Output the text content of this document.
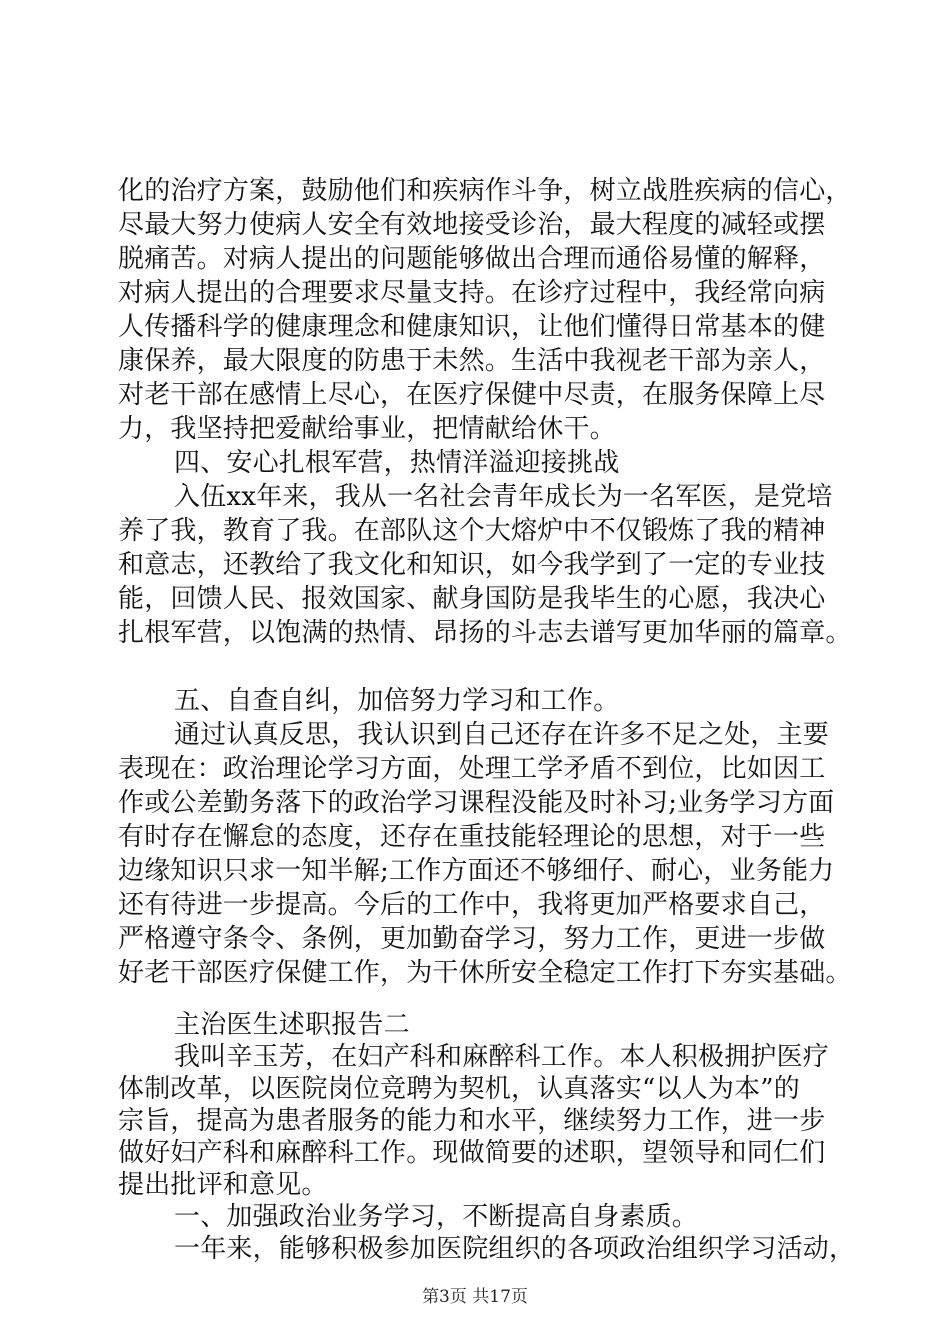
化的治疗方案，鼓励他们和疾病作斗争，树立战胜疾病的信心，
尽最大努力使病人安全有效地接受诊治，最大程度的减轻或摆
脱痛苦。对病人提出的问题能够做出合理而通俗易懂的解释，
对病人提出的合理要求尽量支持。在诊疗过程中，我经常向病
人传播科学的健康理念和健康知识，让他们懂得日常基本的健
康保养，最大限度的防患于未然。生活中我视老干部为亲人，
对老干部在感情上尽心，在医疗保健中尽责，在服务保障上尽
力，我坚持把爱献给事业，把情献给休干。
四、安心扎根军营，热情洋溢迎接挑战
入伍xx年来，我从一名社会青年成长为一名军医，是党培
养了我，教育了我。在部队这个大熔炉中不仅锻炼了我的精神
和意志，还教给了我文化和知识，如今我学到了一定的专业技
能，回馈人民、报效国家、献身国防是我毕生的心愿，我决心
扎根军营，以饱满的热情、昂扬的斗志去谱写更加华丽的篇章。
五、自查自纠，加倍努力学习和工作。
通过认真反思，我认识到自己还存在许多不足之处，主要
表现在：政治理论学习方面，处理工学矛盾不到位，比如因工
作或公差勤务落下的政治学习课程没能及时补习;业务学习方面
有时存在懈怠的态度，还存在重技能轻理论的思想，对于一些
边缘知识只求一知半解;工作方面还不够细仔、耐心，业务能力
还有待进一步提高。今后的工作中，我将更加严格要求自己，
严格遵守条令、条例，更加勤奋学习，努力工作，更进一步做
好老干部医疗保健工作，为干休所安全稳定工作打下夯实基础。
主治医生述职报告二
我叫辛玉芳，在妇产科和麻醉科工作。本人积极拥护医疗
体制改革，以医院岗位竞聘为契机，认真落实“以人为本”的
宗旨，提高为患者服务的能力和水平，继续努力工作，进一步
做好妇产科和麻醉科工作。现做简要的述职，望领导和同仁们
提出批评和意见。
第3页 共17页
一、加强政治业务学习，不断提高自身素质。
一年来，能够积极参加医院组织的各项政治组织学习活动，
